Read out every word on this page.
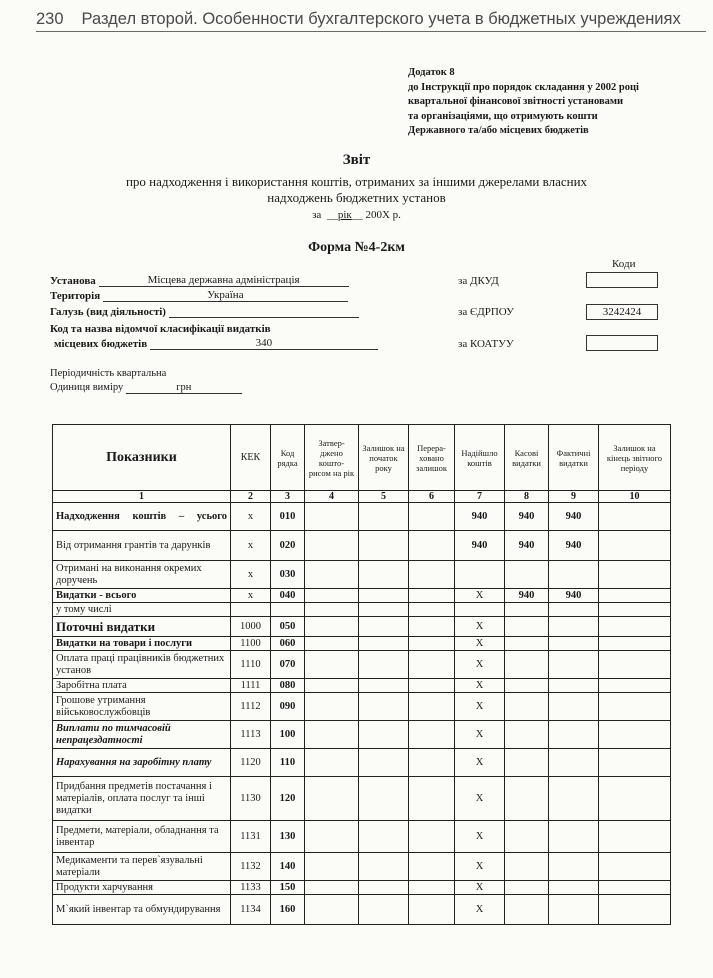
230 Раздел второй. Особенности бухгалтерского учета в бюджетных учреждениях
Додаток 8
до Інструкції про порядок складання у 2002 році
квартальної фінансової звітності установами
та організаціями, що отримують кошти
Державного та/або місцевих бюджетів
Звіт
про надходження і використання коштів, отриманих за іншими джерелами власних
надходжень бюджетних установ
за  __рік__ 200Х р.
Форма №4-2км
Коди
Установа	Місцева державна адміністрація
Територія	Україна
Галузь (вид діяльності)
Код та назва відомчої класифікації видатків
місцевих бюджетів	340
за ДКУД
за ЄДРПОУ	3242424
за КОАТУУ
Періодичність квартальна
Одиниця виміру	грн
Показники	КЕК	Код рядка	Затвер-джено кошто-рисом на рік	Залишок на початок року	Перера-ховано залишок	Надійшло коштів	Касові видатки	Фактичні видатки	Залишок на кінець звітного періоду
1	2	3	4	5	6	7	8	9	10
Надходження коштів – усього	х	010				940	940	940	
Від отримання грантів та дарунків	х	020				940	940	940	
Отримані на виконання окремих доручень	х	030							
Видатки - всього	х	040				Х	940	940	
у тому числі									
Поточні видатки	1000	050				Х			
Видатки на товари і послуги	1100	060				Х			
Оплата праці працівників бюджетних установ	1110	070				Х			
Заробітна плата	1111	080				Х			
Грошове утримання військовослужбовців	1112	090				Х			
Виплати по тимчасовій непрацездатності	1113	100				Х			
Нарахування на заробітну плату	1120	110				Х			
Придбання предметів постачання і матеріалів, оплата послуг та інші видатки	1130	120				Х			
Предмети, матеріали, обладнання та інвентар	1131	130				Х			
Медикаменти та перев`язувальні матеріали	1132	140				Х			
Продукти харчування	1133	150				Х			
М`який інвентар та обмундирування	1134	160				Х			
